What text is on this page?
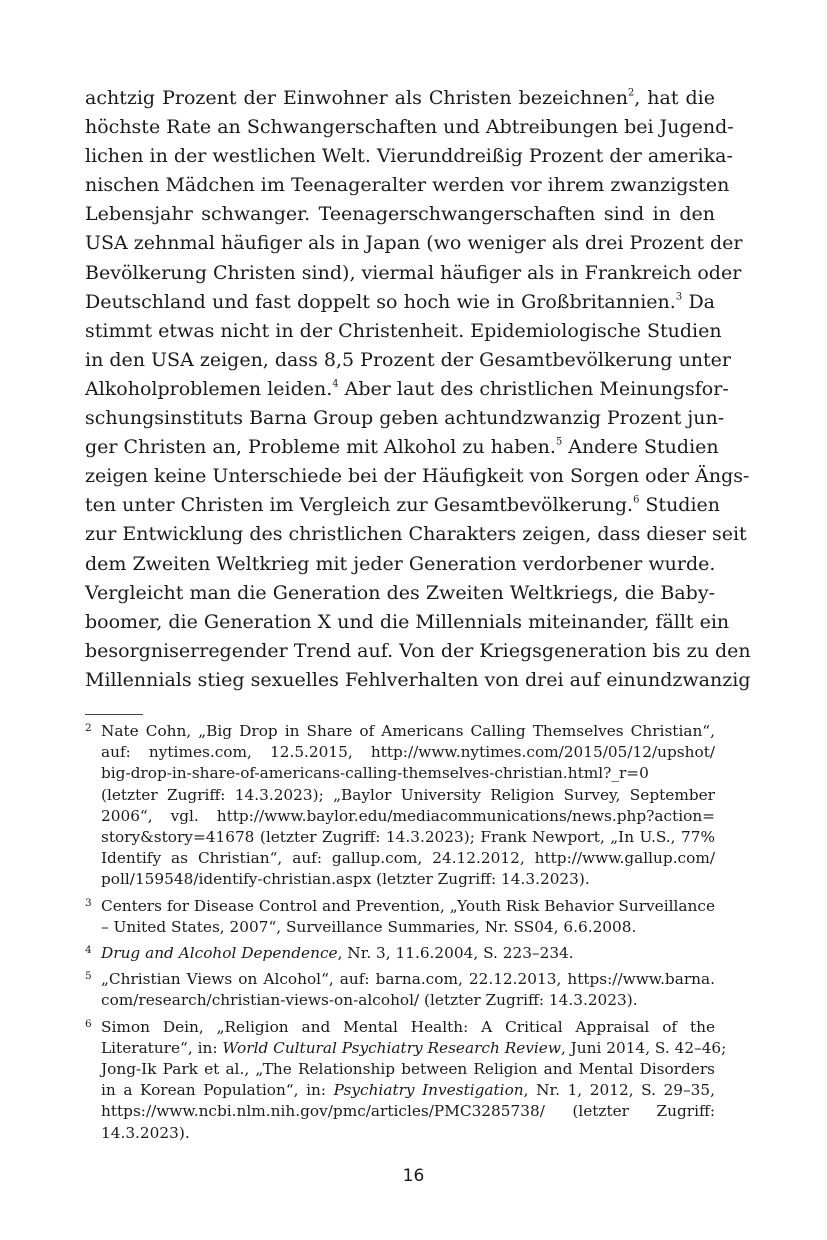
achtzig Prozent der Einwohner als Christen bezeichnen$^2$, hat die
höchste Rate an Schwangerschaften und Abtreibungen bei Jugend-
lichen in der westlichen Welt. Vierunddreißig Prozent der amerika-
nischen Mädchen im Teenageralter werden vor ihrem zwanzigsten
Lebensjahr schwanger. Teenagerschwangerschaften sind in den
USA zehnmal häufiger als in Japan (wo weniger als drei Prozent der
Bevölkerung Christen sind), viermal häufiger als in Frankreich oder
Deutschland und fast doppelt so hoch wie in Großbritannien.$^3$ Da
stimmt etwas nicht in der Christenheit. Epidemiologische Studien
in den USA zeigen, dass 8,5 Prozent der Gesamtbevölkerung unter
Alkoholproblemen leiden.$^4$ Aber laut des christlichen Meinungsfor-
schungsinstituts Barna Group geben achtundzwanzig Prozent jun-
ger Christen an, Probleme mit Alkohol zu haben.$^5$ Andere Studien
zeigen keine Unterschiede bei der Häufigkeit von Sorgen oder Ängs-
ten unter Christen im Vergleich zur Gesamtbevölkerung.$^6$ Studien
zur Entwicklung des christlichen Charakters zeigen, dass dieser seit
dem Zweiten Weltkrieg mit jeder Generation verdorbener wurde.
Vergleicht man die Generation des Zweiten Weltkriegs, die Baby-
boomer, die Generation X und die Millennials miteinander, fällt ein
besorgniserregender Trend auf. Von der Kriegsgeneration bis zu den
Millennials stieg sexuelles Fehlverhalten von drei auf einundzwanzig

2 Nate Cohn, „Big Drop in Share of Americans Calling Themselves Christian“,
auf: nytimes.com, 12.5.2015, http://www.nytimes.com/2015/05/12/upshot/
big-drop-in-share-of-americans-calling-themselves-christian.html?_r=0
(letzter Zugriff: 14.3.2023); „Baylor University Religion Survey, September
2006“, vgl. http://www.baylor.edu/mediacommunications/news.php?action=
story&story=41678 (letzter Zugriff: 14.3.2023); Frank Newport, „In U.S., 77%
Identify as Christian“, auf: gallup.com, 24.12.2012, http://www.gallup.com/
poll/159548/identify-christian.aspx (letzter Zugriff: 14.3.2023).
3 Centers for Disease Control and Prevention, „Youth Risk Behavior Surveillance
– United States, 2007“, Surveillance Summaries, Nr. SS04, 6.6.2008.
4 Drug and Alcohol Dependence, Nr. 3, 11.6.2004, S. 223–234.
5 „Christian Views on Alcohol“, auf: barna.com, 22.12.2013, https://www.barna.
com/research/christian-views-on-alcohol/ (letzter Zugriff: 14.3.2023).
6 Simon Dein, „Religion and Mental Health: A Critical Appraisal of the
Literature“, in: World Cultural Psychiatry Research Review, Juni 2014, S. 42–46;
Jong-Ik Park et al., „The Relationship between Religion and Mental Disorders
in a Korean Population“, in: Psychiatry Investigation, Nr. 1, 2012, S. 29–35,
https://www.ncbi.nlm.nih.gov/pmc/articles/PMC3285738/ (letzter Zugriff:
14.3.2023).
16
